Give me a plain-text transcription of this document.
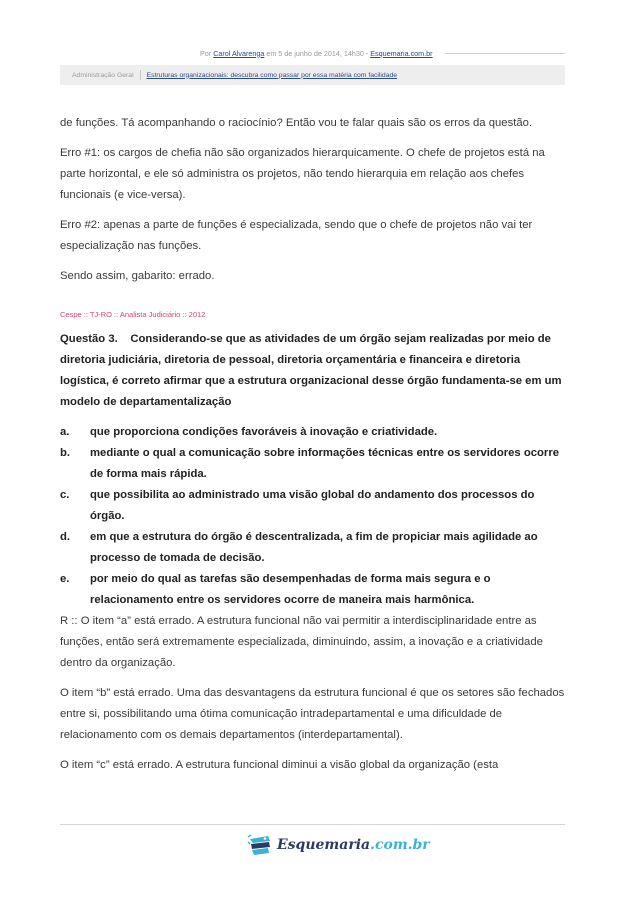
Por
Carol Alvarenga
em 5 de junho de 2014, 14h30 -
Esquemaria.com.br
Administração Geral Estruturas organizacionais: descubra como passar por essa matéria com facilidade

de funções. Tá acompanhando o raciocínio? Então vou te falar quais são os erros da questão.

Erro #1: os cargos de chefia não são organizados hierarquicamente. O chefe de projetos está na parte horizontal, e ele só administra os projetos, não tendo hierarquia em relação aos chefes funcionais (e vice-versa).

Erro #2: apenas a parte de funções é especializada, sendo que o chefe de projetos não vai ter especialização nas funções.

Sendo assim, gabarito: errado.

Cespe :: TJ-RO :: Analista Judiciário :: 2012

Questão 3. Considerando-se que as atividades de um órgão sejam realizadas por meio de diretoria judiciária, diretoria de pessoal, diretoria orçamentária e financeira e diretoria logística, é correto afirmar que a estrutura organizacional desse órgão fundamenta-se em um modelo de departamentalização

a.	que proporciona condições favoráveis à inovação e criatividade.
b.	mediante o qual a comunicação sobre informações técnicas entre os servidores ocorre de forma mais rápida.
c.	que possibilita ao administrado uma visão global do andamento dos processos do órgão.
d.	em que a estrutura do órgão é descentralizada, a fim de propiciar mais agilidade ao processo de tomada de decisão.
e.	por meio do qual as tarefas são desempenhadas de forma mais segura e o relacionamento entre os servidores ocorre de maneira mais harmônica.

R :: O item “a” está errado. A estrutura funcional não vai permitir a interdisciplinaridade entre as funções, então será extremamente especializada, diminuindo, assim, a inovação e a criatividade dentro da organização.

O item “b” está errado. Uma das desvantagens da estrutura funcional é que os setores são fechados entre si, possibilitando uma ótima comunicação intradepartamental e uma dificuldade de relacionamento com os demais departamentos (interdepartamental).

O item “c” está errado. A estrutura funcional diminui a visão global da organização (esta

Esquemaria.com.br
